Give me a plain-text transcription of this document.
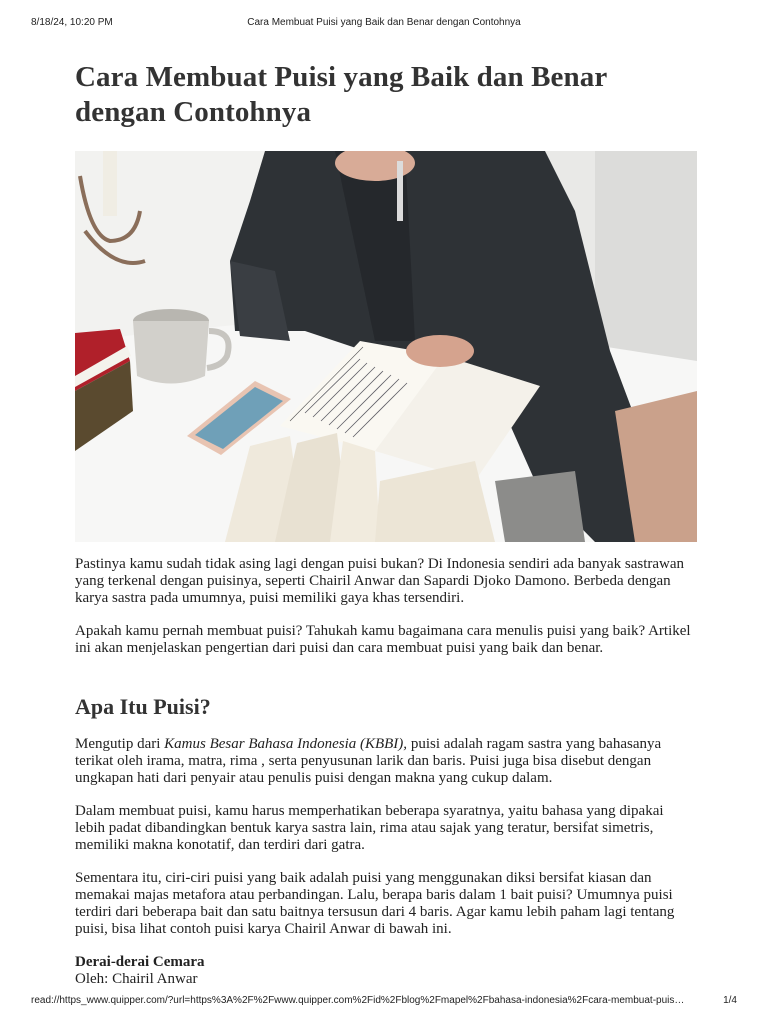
8/18/24, 10:20 PM	Cara Membuat Puisi yang Baik dan Benar dengan Contohnya
Cara Membuat Puisi yang Baik dan Benar dengan Contohnya

Pastinya kamu sudah tidak asing lagi dengan puisi bukan? Di Indonesia sendiri ada banyak sastrawan yang terkenal dengan puisinya, seperti Chairil Anwar dan Sapardi Djoko Damono. Berbeda dengan karya sastra pada umumnya, puisi memiliki gaya khas tersendiri.

Apakah kamu pernah membuat puisi? Tahukah kamu bagaimana cara menulis puisi yang baik? Artikel ini akan menjelaskan pengertian dari puisi dan cara membuat puisi yang baik dan benar.

Apa Itu Puisi?

Mengutip dari Kamus Besar Bahasa Indonesia (KBBI), puisi adalah ragam sastra yang bahasanya terikat oleh irama, matra, rima , serta penyusunan larik dan baris. Puisi juga bisa disebut dengan ungkapan hati dari penyair atau penulis puisi dengan makna yang cukup dalam.

Dalam membuat puisi, kamu harus memperhatikan beberapa syaratnya, yaitu bahasa yang dipakai lebih padat dibandingkan bentuk karya sastra lain, rima atau sajak yang teratur, bersifat simetris, memiliki makna konotatif, dan terdiri dari gatra.

Sementara itu, ciri-ciri puisi yang baik adalah puisi yang menggunakan diksi bersifat kiasan dan memakai majas metafora atau perbandingan. Lalu, berapa baris dalam 1 bait puisi? Umumnya puisi terdiri dari beberapa bait dan satu baitnya tersusun dari 4 baris. Agar kamu lebih paham lagi tentang puisi, bisa lihat contoh puisi karya Chairil Anwar di bawah ini.

Derai-derai Cemara

Oleh: Chairil Anwar

read://https_www.quipper.com/?url=https%3A%2F%2Fwww.quipper.com%2Fid%2Fblog%2Fmapel%2Fbahasa-indonesia%2Fcara-membuat-puis…	1/4
